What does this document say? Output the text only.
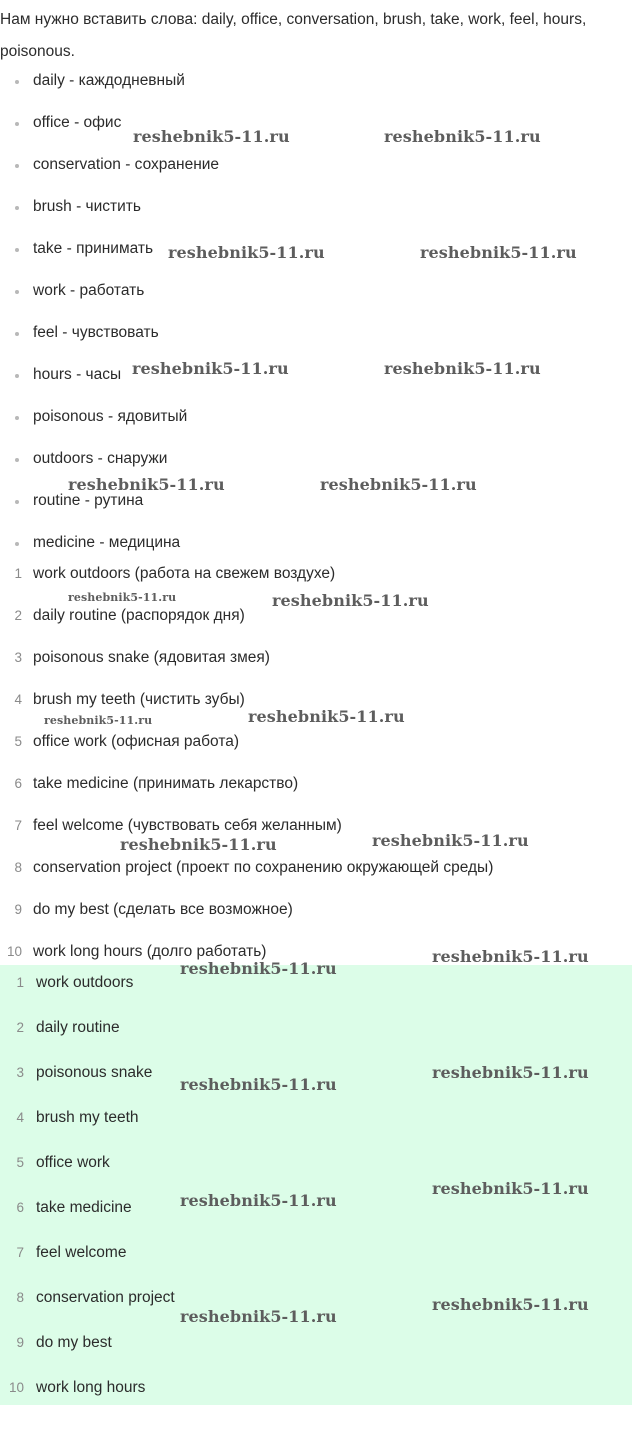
Нам нужно вставить слова: daily, office, conversation, brush, take, work, feel, hours, poisonous.

daily - каждодневный
office - офис
conservation - сохранение
brush - чистить
take - принимать
work - работать
feel - чувствовать
hours - часы
poisonous - ядовитый
outdoors - снаружи
routine - рутина
medicine - медицина
1 work outdoors (работа на свежем воздухе)
2 daily routine (распорядок дня)
3 poisonous snake (ядовитая змея)
4 brush my teeth (чистить зубы)
5 office work (офисная работа)
6 take medicine (принимать лекарство)
7 feel welcome (чувствовать себя желанным)
8 conservation project (проект по сохранению окружающей среды)
9 do my best (сделать все возможное)
10 work long hours (долго работать)
1 work outdoors
2 daily routine
3 poisonous snake
4 brush my teeth
5 office work
6 take medicine
7 feel welcome
8 conservation project
9 do my best
10 work long hours
reshebnik5-11.ru	reshebnik5-11.ru
reshebnik5-11.ru	reshebnik5-11.ru
reshebnik5-11.ru	reshebnik5-11.ru
reshebnik5-11.ru	reshebnik5-11.ru
reshebnik5-11.ru	reshebnik5-11.ru
reshebnik5-11.ru	reshebnik5-11.ru
reshebnik5-11.ru	reshebnik5-11.ru
reshebnik5-11.ru
reshebnik5-11.ru
reshebnik5-11.ru
reshebnik5-11.ru
reshebnik5-11.ru
reshebnik5-11.ru
reshebnik5-11.ru
reshebnik5-11.ru
